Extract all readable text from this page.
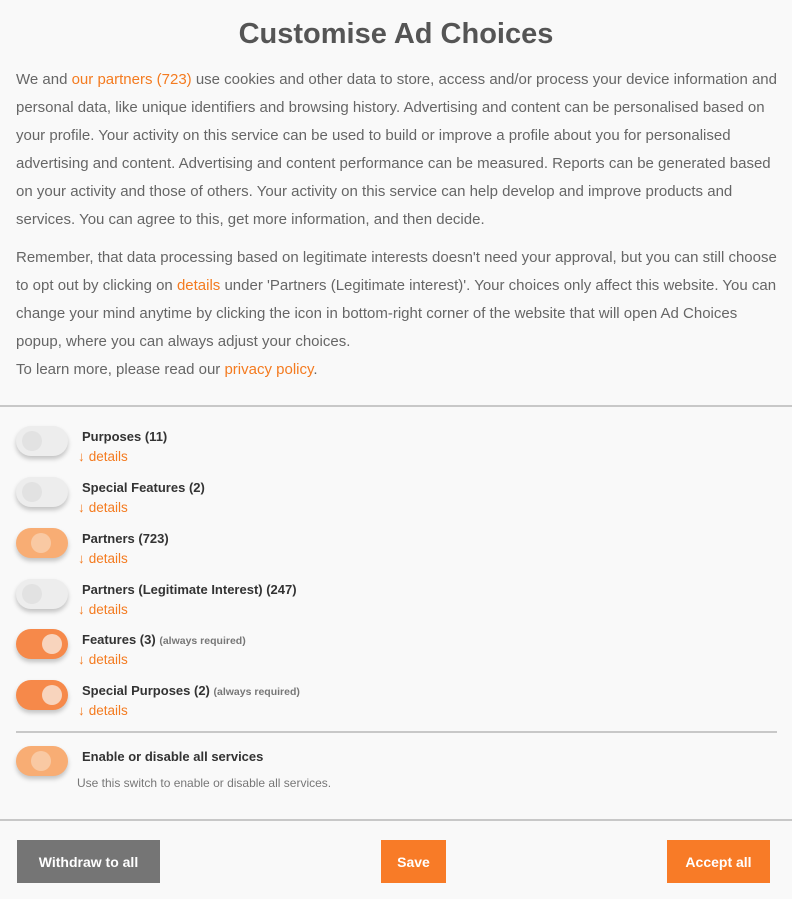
Customise Ad Choices

We and our partners (723) use cookies and other data to store, access and/or process your device information and personal data, like unique identifiers and browsing history. Advertising and content can be personalised based on your profile. Your activity on this service can be used to build or improve a profile about you for personalised advertising and content. Advertising and content performance can be measured. Reports can be generated based on your activity and those of others. Your activity on this service can help develop and improve products and services. You can agree to this, get more information, and then decide.

Remember, that data processing based on legitimate interests doesn't need your approval, but you can still choose to opt out by clicking on details under 'Partners (Legitimate interest)'. Your choices only affect this website. You can change your mind anytime by clicking the icon in bottom-right corner of the website that will open Ad Choices popup, where you can always adjust your choices.
To learn more, please read our privacy policy.

Purposes (11)
↓ details
Special Features (2)
↓ details
Partners (723)
↓ details
Partners (Legitimate Interest) (247)
↓ details
Features (3) (always required)
↓ details
Special Purposes (2) (always required)
↓ details
Enable or disable all services
Use this switch to enable or disable all services.
Withdraw to all	Save	Accept all
